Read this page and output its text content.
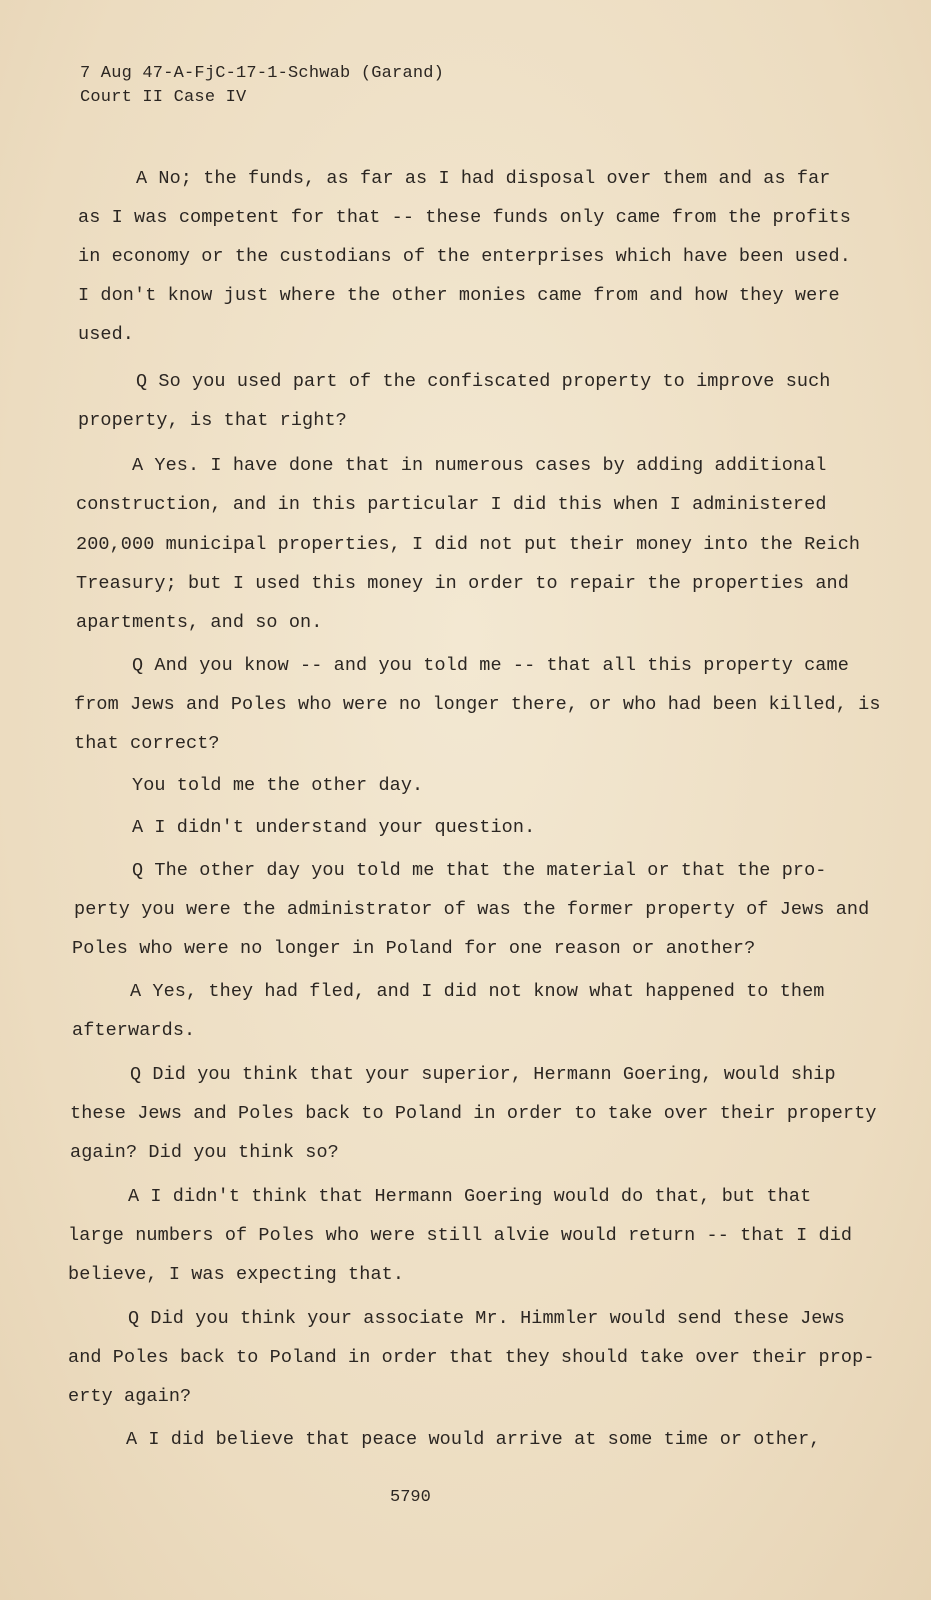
7 Aug 47-A-FjC-17-1-Schwab (Garand)
Court II Case IV
A No; the funds, as far as I had disposal over them and as far
as I was competent for that -- these funds only came from the profits
in economy or the custodians of the enterprises which have been used.
I don't know just where the other monies came from and how they were
used.
Q So you used part of the confiscated property to improve such
property, is that right?
A Yes. I have done that in numerous cases by adding additional
construction, and in this particular I did this when I administered
200,000 municipal properties, I did not put their money into the Reich
Treasury; but I used this money in order to repair the properties and
apartments, and so on.
Q And you know -- and you told me -- that all this property came
from Jews and Poles who were no longer there, or who had been killed, is
that correct?
You told me the other day.
A I didn't understand your question.
Q The other day you told me that the material or that the pro-
perty you were the administrator of was the former property of Jews and
Poles who were no longer in Poland for one reason or another?
A Yes, they had fled, and I did not know what happened to them
afterwards.
Q Did you think that your superior, Hermann Goering, would ship
these Jews and Poles back to Poland in order to take over their property
again? Did you think so?
A I didn't think that Hermann Goering would do that, but that
large numbers of Poles who were still alvie would return -- that I did
believe, I was expecting that.
Q Did you think your associate Mr. Himmler would send these Jews
and Poles back to Poland in order that they should take over their prop-
erty again?
A I did believe that peace would arrive at some time or other,
5790
